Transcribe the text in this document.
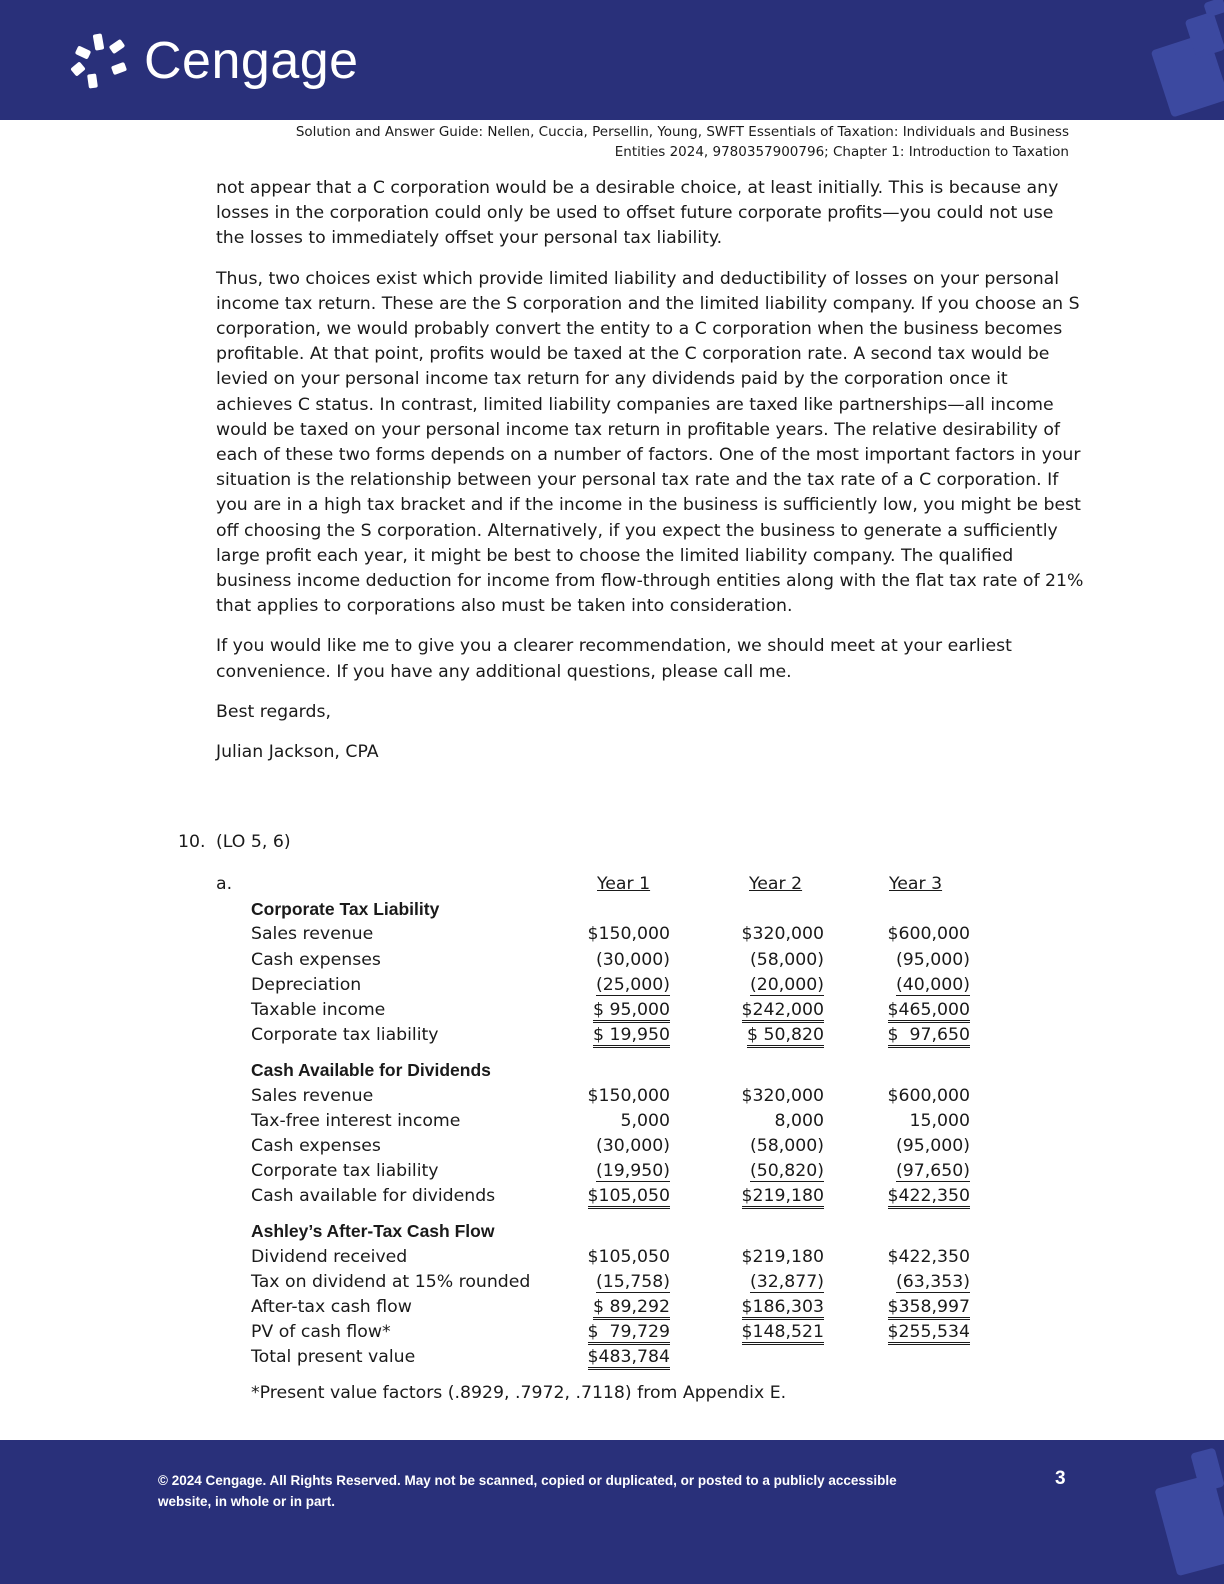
Cengage
Solution and Answer Guide: Nellen, Cuccia, Persellin, Young, SWFT Essentials of Taxation: Individuals and Business
Entities 2024, 9780357900796; Chapter 1: Introduction to Taxation

not appear that a C corporation would be a desirable choice, at least initially. This is because any losses in the corporation could only be used to offset future corporate profits—you could not use the losses to immediately offset your personal tax liability.

Thus, two choices exist which provide limited liability and deductibility of losses on your personal income tax return. These are the S corporation and the limited liability company. If you choose an S corporation, we would probably convert the entity to a C corporation when the business becomes profitable. At that point, profits would be taxed at the C corporation rate. A second tax would be levied on your personal income tax return for any dividends paid by the corporation once it achieves C status. In contrast, limited liability companies are taxed like partnerships—all income would be taxed on your personal income tax return in profitable years. The relative desirability of each of these two forms depends on a number of factors. One of the most important factors in your situation is the relationship between your personal tax rate and the tax rate of a C corporation. If you are in a high tax bracket and if the income in the business is sufficiently low, you might be best off choosing the S corporation. Alternatively, if you expect the business to generate a sufficiently large profit each year, it might be best to choose the limited liability company. The qualified business income deduction for income from flow-through entities along with the flat tax rate of 21% that applies to corporations also must be taken into consideration.

If you would like me to give you a clearer recommendation, we should meet at your earliest convenience. If you have any additional questions, please call me.

Best regards,

Julian Jackson, CPA

10. (LO 5, 6)
a.	Year 1	Year 2	Year 3
Corporate Tax Liability
Sales revenue	$150,000	$320,000	$600,000
Cash expenses	(30,000)	(58,000)	(95,000)
Depreciation	(25,000)	(20,000)	(40,000)
Taxable income	$ 95,000	$242,000	$465,000
Corporate tax liability	$ 19,950	$ 50,820	$  97,650
Cash Available for Dividends
Sales revenue	$150,000	$320,000	$600,000
Tax-free interest income	5,000	8,000	15,000
Cash expenses	(30,000)	(58,000)	(95,000)
Corporate tax liability	(19,950)	(50,820)	(97,650)
Cash available for dividends	$105,050	$219,180	$422,350
Ashley’s After-Tax Cash Flow
Dividend received	$105,050	$219,180	$422,350
Tax on dividend at 15% rounded	(15,758)	(32,877)	(63,353)
After-tax cash flow	$ 89,292	$186,303	$358,997
PV of cash flow*	$  79,729	$148,521	$255,534
Total present value	$483,784
*Present value factors (.8929, .7972, .7118) from Appendix E.
© 2024 Cengage. All Rights Reserved. May not be scanned, copied or duplicated, or posted to a publicly accessible website, in whole or in part.
3
